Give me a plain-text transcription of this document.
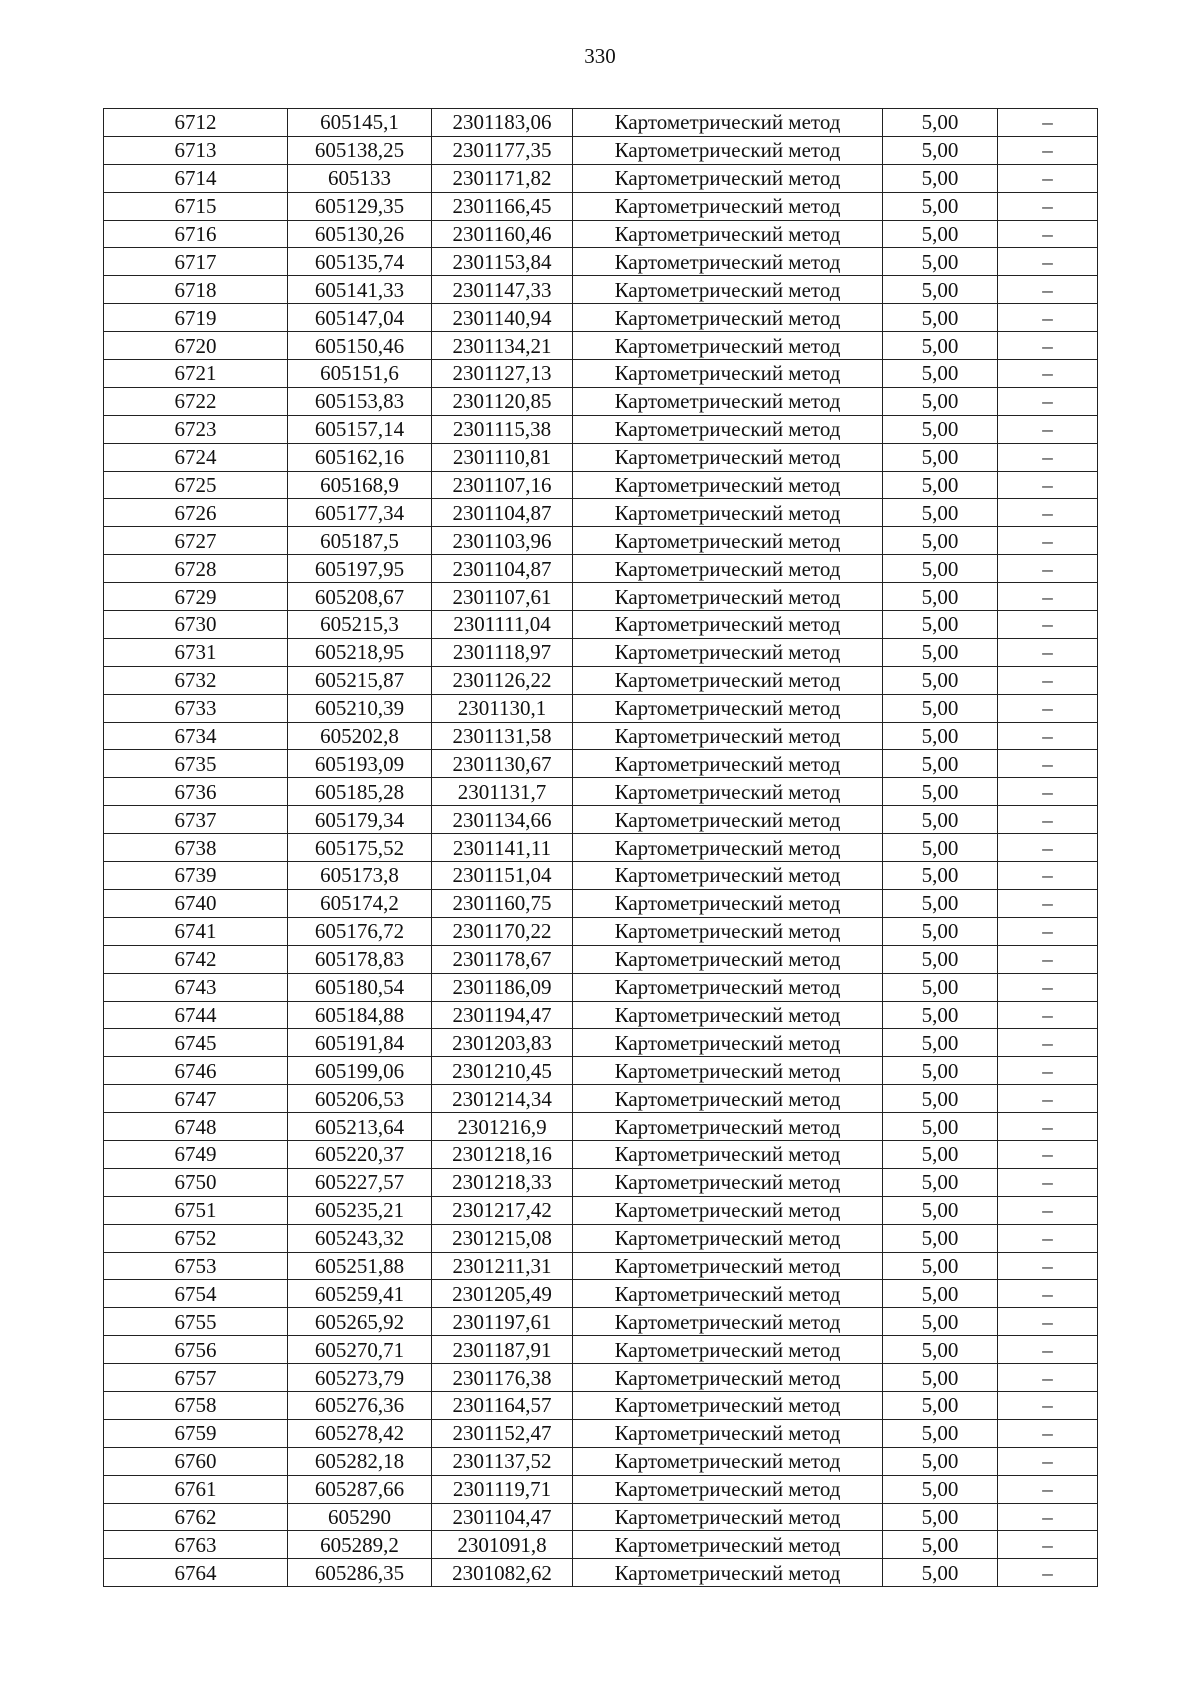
330
6712	605145,1	2301183,06	Картометрический метод	5,00	–
6713	605138,25	2301177,35	Картометрический метод	5,00	–
6714	605133	2301171,82	Картометрический метод	5,00	–
6715	605129,35	2301166,45	Картометрический метод	5,00	–
6716	605130,26	2301160,46	Картометрический метод	5,00	–
6717	605135,74	2301153,84	Картометрический метод	5,00	–
6718	605141,33	2301147,33	Картометрический метод	5,00	–
6719	605147,04	2301140,94	Картометрический метод	5,00	–
6720	605150,46	2301134,21	Картометрический метод	5,00	–
6721	605151,6	2301127,13	Картометрический метод	5,00	–
6722	605153,83	2301120,85	Картометрический метод	5,00	–
6723	605157,14	2301115,38	Картометрический метод	5,00	–
6724	605162,16	2301110,81	Картометрический метод	5,00	–
6725	605168,9	2301107,16	Картометрический метод	5,00	–
6726	605177,34	2301104,87	Картометрический метод	5,00	–
6727	605187,5	2301103,96	Картометрический метод	5,00	–
6728	605197,95	2301104,87	Картометрический метод	5,00	–
6729	605208,67	2301107,61	Картометрический метод	5,00	–
6730	605215,3	2301111,04	Картометрический метод	5,00	–
6731	605218,95	2301118,97	Картометрический метод	5,00	–
6732	605215,87	2301126,22	Картометрический метод	5,00	–
6733	605210,39	2301130,1	Картометрический метод	5,00	–
6734	605202,8	2301131,58	Картометрический метод	5,00	–
6735	605193,09	2301130,67	Картометрический метод	5,00	–
6736	605185,28	2301131,7	Картометрический метод	5,00	–
6737	605179,34	2301134,66	Картометрический метод	5,00	–
6738	605175,52	2301141,11	Картометрический метод	5,00	–
6739	605173,8	2301151,04	Картометрический метод	5,00	–
6740	605174,2	2301160,75	Картометрический метод	5,00	–
6741	605176,72	2301170,22	Картометрический метод	5,00	–
6742	605178,83	2301178,67	Картометрический метод	5,00	–
6743	605180,54	2301186,09	Картометрический метод	5,00	–
6744	605184,88	2301194,47	Картометрический метод	5,00	–
6745	605191,84	2301203,83	Картометрический метод	5,00	–
6746	605199,06	2301210,45	Картометрический метод	5,00	–
6747	605206,53	2301214,34	Картометрический метод	5,00	–
6748	605213,64	2301216,9	Картометрический метод	5,00	–
6749	605220,37	2301218,16	Картометрический метод	5,00	–
6750	605227,57	2301218,33	Картометрический метод	5,00	–
6751	605235,21	2301217,42	Картометрический метод	5,00	–
6752	605243,32	2301215,08	Картометрический метод	5,00	–
6753	605251,88	2301211,31	Картометрический метод	5,00	–
6754	605259,41	2301205,49	Картометрический метод	5,00	–
6755	605265,92	2301197,61	Картометрический метод	5,00	–
6756	605270,71	2301187,91	Картометрический метод	5,00	–
6757	605273,79	2301176,38	Картометрический метод	5,00	–
6758	605276,36	2301164,57	Картометрический метод	5,00	–
6759	605278,42	2301152,47	Картометрический метод	5,00	–
6760	605282,18	2301137,52	Картометрический метод	5,00	–
6761	605287,66	2301119,71	Картометрический метод	5,00	–
6762	605290	2301104,47	Картометрический метод	5,00	–
6763	605289,2	2301091,8	Картометрический метод	5,00	–
6764	605286,35	2301082,62	Картометрический метод	5,00	–
